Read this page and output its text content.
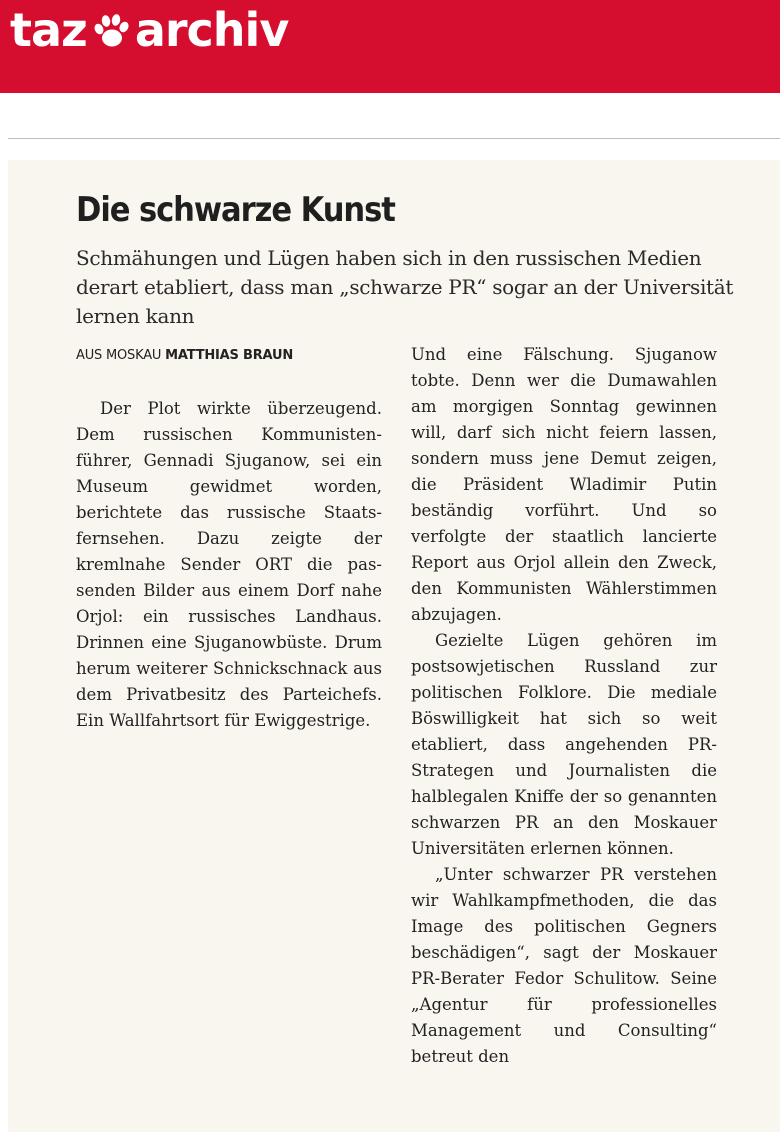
taz archiv
Die schwarze Kunst

Schmähungen und Lügen haben sich in den russischen Medien derart etabliert, dass man „schwarze PR“ sogar an der Universität lernen kann

AUS MOSKAU MATTHIAS BRAUN

Der Plot wirkte überzeugend. Dem russischen Kommunistenführer, Gennadi Sjuganow, sei ein Museum gewidmet worden, berichtete das russische Staatsfernsehen. Dazu zeigte der kremlnahe Sender ORT die passenden Bilder aus einem Dorf nahe Orjol: ein russisches Landhaus. Drinnen eine Sjuganowbüste. Drum herum weiterer Schnickschnack aus dem Privatbesitz des Parteichefs. Ein Wallfahrtsort für Ewiggestrige.

Und eine Fälschung. Sjuganow tobte. Denn wer die Dumawahlen am morgigen Sonntag gewinnen will, darf sich nicht feiern lassen, sondern muss jene Demut zeigen, die Präsident Wladimir Putin beständig vorführt. Und so verfolgte der staatlich lancierte Report aus Orjol allein den Zweck, den Kommunisten Wählerstimmen abzujagen.

Gezielte Lügen gehören im postsowjetischen Russland zur politischen Folklore. Die mediale Böswilligkeit hat sich so weit etabliert, dass angehenden PR-Strategen und Journalisten die halblegalen Kniffe der so genannten schwarzen PR an den Moskauer Universitäten erlernen können.

„Unter schwarzer PR verstehen wir Wahlkampfmethoden, die das Image des politischen Gegners beschädigen“, sagt der Moskauer PR-Berater Fedor Schulitow. Seine „Agentur für professionelles Management und Consulting“ betreut den
